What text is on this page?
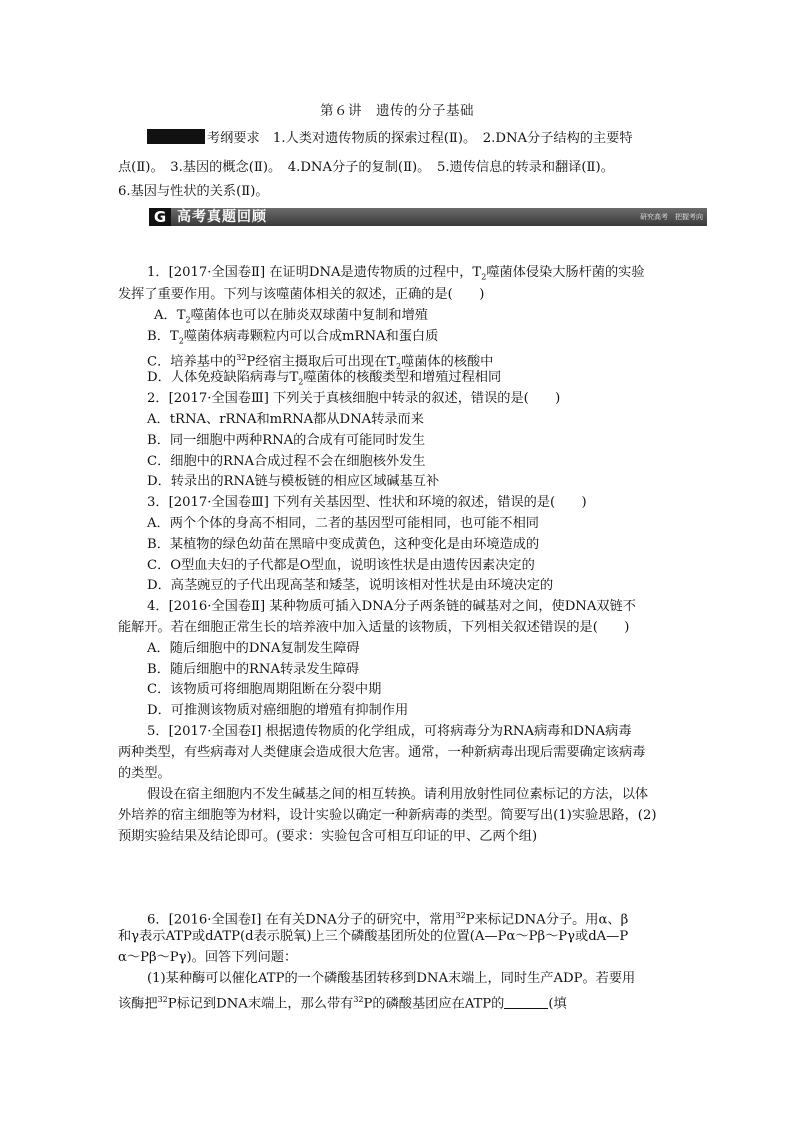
第６讲　遗传的分子基础
考纲要求　1.人类对遗传物质的探索过程(Ⅱ)。　2.DNA分子结构的主要特
点(Ⅱ)。　3.基因的概念(Ⅱ)。　4.DNA分子的复制(Ⅱ)。　5.遗传信息的转录和翻译(Ⅱ)。
6.基因与性状的关系(Ⅱ)。
G 高考真题回顾	研究高考　把握考向
1．[2017·全国卷Ⅱ] 在证明DNA是遗传物质的过程中，$T_2$噬菌体侵染大肠杆菌的实验
发挥了重要作用。下列与该噬菌体相关的叙述，正确的是(　　)
A．$T_2$噬菌体也可以在肺炎双球菌中复制和增殖
B．$T_2$噬菌体病毒颗粒内可以合成mRNA和蛋白质
C．培养基中的$^{32}$P经宿主摄取后可出现在$T_2$噬菌体的核酸中
D．人体免疫缺陷病毒与$T_2$噬菌体的核酸类型和增殖过程相同
2．[2017·全国卷Ⅲ] 下列关于真核细胞中转录的叙述，错误的是(　　)
A．tRNA、rRNA和mRNA都从DNA转录而来
B．同一细胞中两种RNA的合成有可能同时发生
C．细胞中的RNA合成过程不会在细胞核外发生
D．转录出的RNA链与模板链的相应区域碱基互补
3．[2017·全国卷Ⅲ] 下列有关基因型、性状和环境的叙述，错误的是(　　)
A．两个个体的身高不相同，二者的基因型可能相同，也可能不相同
B．某植物的绿色幼苗在黑暗中变成黄色，这种变化是由环境造成的
C．O型血夫妇的子代都是O型血，说明该性状是由遗传因素决定的
D．高茎豌豆的子代出现高茎和矮茎，说明该相对性状是由环境决定的
4．[2016·全国卷Ⅱ] 某种物质可插入DNA分子两条链的碱基对之间，使DNA双链不
能解开。若在细胞正常生长的培养液中加入适量的该物质，下列相关叙述错误的是(　　)
A．随后细胞中的DNA复制发生障碍
B．随后细胞中的RNA转录发生障碍
C．该物质可将细胞周期阻断在分裂中期
D．可推测该物质对癌细胞的增殖有抑制作用
5．[2017·全国卷Ⅰ] 根据遗传物质的化学组成，可将病毒分为RNA病毒和DNA病毒
两种类型，有些病毒对人类健康会造成很大危害。通常，一种新病毒出现后需要确定该病毒
的类型。
假设在宿主细胞内不发生碱基之间的相互转换。请利用放射性同位素标记的方法，以体
外培养的宿主细胞等为材料，设计实验以确定一种新病毒的类型。简要写出(1)实验思路，(2)
预期实验结果及结论即可。(要求：实验包含可相互印证的甲、乙两个组)
6．[2016·全国卷Ⅰ] 在有关DNA分子的研究中，常用$^{32}$P来标记DNA分子。用α、β
和γ表示ATP或dATP(d表示脱氧)上三个磷酸基团所处的位置(A—Pα～Pβ～Pγ或dA—P
α～Pβ～Pγ)。回答下列问题：
(1)某种酶可以催化ATP的一个磷酸基团转移到DNA末端上，同时生产ADP。若要用
该酶把$^{32}$P标记到DNA末端上，那么带有$^{32}$P的磷酸基团应在ATP的	(填
